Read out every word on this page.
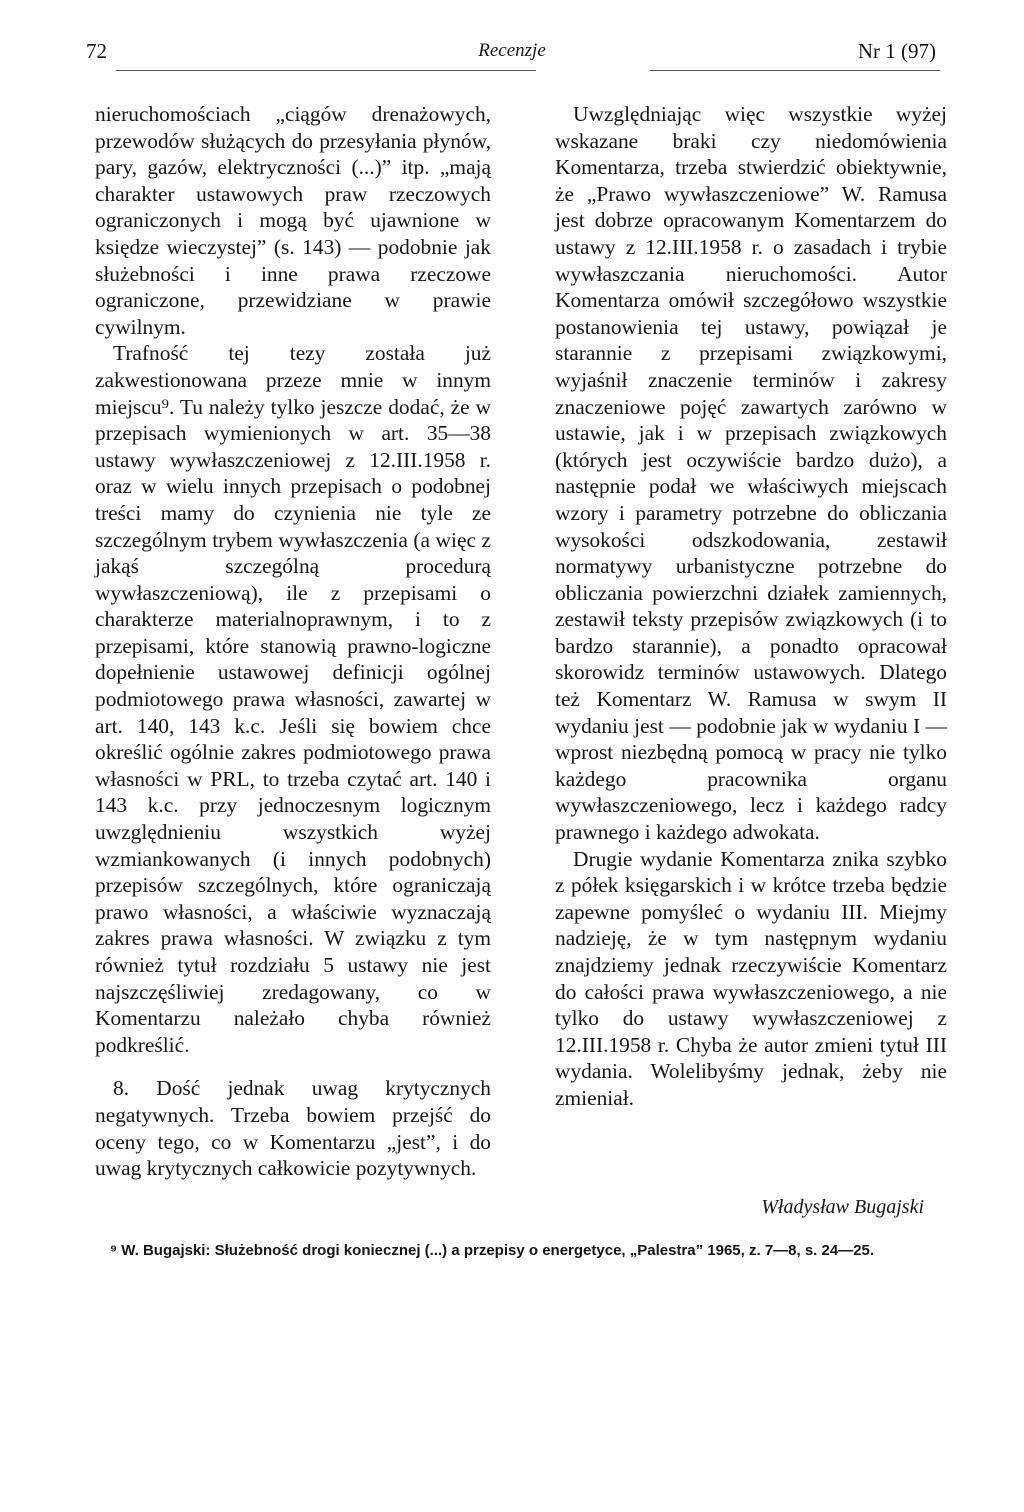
72	Recenzje	Nr 1 (97)

nieruchomościach „ciągów drenażowych, przewodów służących do przesyłania płynów, pary, gazów, elektryczności (...)” itp. „mają charakter ustawowych praw rzeczowych ograniczonych i mogą być ujawnione w księdze wieczystej” (s. 143) — podobnie jak służebności i inne prawa rzeczowe ograniczone, przewidziane w prawie cywilnym.

Trafność tej tezy została już zakwestionowana przeze mnie w innym miejscu⁹. Tu należy tylko jeszcze dodać, że w przepisach wymienionych w art. 35—38 ustawy wywłaszczeniowej z 12.III.1958 r. oraz w wielu innych przepisach o podobnej treści mamy do czynienia nie tyle ze szczególnym trybem wywłaszczenia (a więc z jakąś szczególną procedurą wywłaszczeniową), ile z przepisami o charakterze materialnoprawnym, i to z przepisami, które stanowią prawno-logiczne dopełnienie ustawowej definicji ogólnej podmiotowego prawa własności, zawartej w art. 140, 143 k.c. Jeśli się bowiem chce określić ogólnie zakres podmiotowego prawa własności w PRL, to trzeba czytać art. 140 i 143 k.c. przy jednoczesnym logicznym uwzględnieniu wszystkich wyżej wzmiankowanych (i innych podobnych) przepisów szczególnych, które ograniczają prawo własności, a właściwie wyznaczają zakres prawa własności. W związku z tym również tytuł rozdziału 5 ustawy nie jest najszczęśliwiej zredagowany, co w Komentarzu należało chyba również podkreślić.

8. Dość jednak uwag krytycznych negatywnych. Trzeba bowiem przejść do oceny tego, co w Komentarzu „jest”, i do uwag krytycznych całkowicie pozytywnych.

Uwzględniając więc wszystkie wyżej wskazane braki czy niedomówienia Komentarza, trzeba stwierdzić obiektywnie, że „Prawo wywłaszczeniowe” W. Ramusa jest dobrze opracowanym Komentarzem do ustawy z 12.III.1958 r. o zasadach i trybie wywłaszczania nieruchomości. Autor Komentarza omówił szczegółowo wszystkie postanowienia tej ustawy, powiązał je starannie z przepisami związkowymi, wyjaśnił znaczenie terminów i zakresy znaczeniowe pojęć zawartych zarówno w ustawie, jak i w przepisach związkowych (których jest oczywiście bardzo dużo), a następnie podał we właściwych miejscach wzory i parametry potrzebne do obliczania wysokości odszkodowania, zestawił normatywy urbanistyczne potrzebne do obliczania powierzchni działek zamiennych, zestawił teksty przepisów związkowych (i to bardzo starannie), a ponadto opracował skorowidz terminów ustawowych. Dlatego też Komentarz W. Ramusa w swym II wydaniu jest — podobnie jak w wydaniu I — wprost niezbędną pomocą w pracy nie tylko każdego pracownika organu wywłaszczeniowego, lecz i każdego radcy prawnego i każdego adwokata.

Drugie wydanie Komentarza znika szybko z półek księgarskich i w krótce trzeba będzie zapewne pomyśleć o wydaniu III. Miejmy nadzieję, że w tym następnym wydaniu znajdziemy jednak rzeczywiście Komentarz do całości prawa wywłaszczeniowego, a nie tylko do ustawy wywłaszczeniowej z 12.III.1958 r. Chyba że autor zmieni tytuł III wydania. Wolelibyśmy jednak, żeby nie zmieniał.

Władysław Bugajski
⁹ W. Bugajski: Służebność drogi koniecznej (...) a przepisy o energetyce, „Palestra” 1965, z. 7—8, s. 24—25.
